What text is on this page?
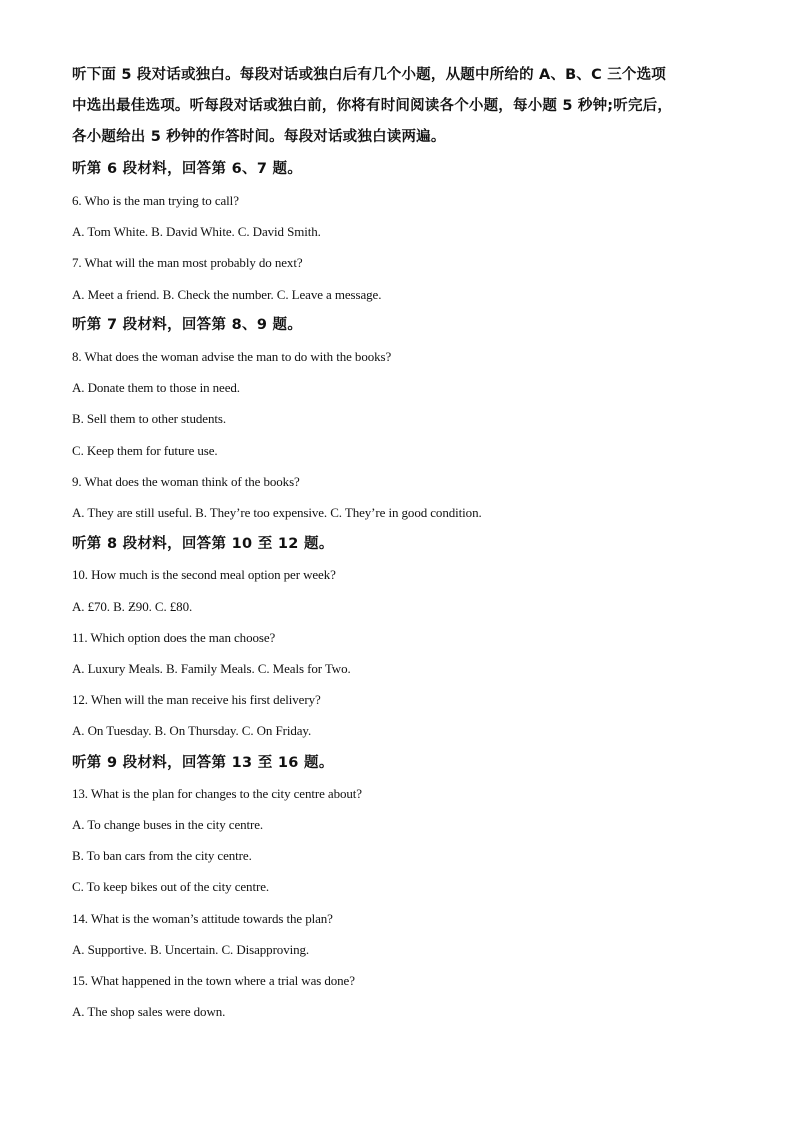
听下面 5 段对话或独白。每段对话或独白后有几个小题，从题中所给的 A、B、C 三个选项
中选出最佳选项。听每段对话或独白前，你将有时间阅读各个小题，每小题 5 秒钟;听完后，
各小题给出 5 秒钟的作答时间。每段对话或独白读两遍。
听第 6 段材料，回答第 6、7 题。
6. Who is the man trying to call?
A. Tom White. B. David White. C. David Smith.
7. What will the man most probably do next?
A. Meet a friend. B. Check the number. C. Leave a message.
听第 7 段材料，回答第 8、9 题。
8. What does the woman advise the man to do with the books?
A. Donate them to those in need.
B. Sell them to other students.
C. Keep them for future use.
9. What does the woman think of the books?
A. They are still useful. B. They’re too expensive. C. They’re in good condition.
听第 8 段材料，回答第 10 至 12 题。
10. How much is the second meal option per week?
A. £70. B. Ƶ90. C. £80.
11. Which option does the man choose?
A. Luxury Meals. B. Family Meals. C. Meals for Two.
12. When will the man receive his first delivery?
A. On Tuesday. B. On Thursday. C. On Friday.
听第 9 段材料，回答第 13 至 16 题。
13. What is the plan for changes to the city centre about?
A. To change buses in the city centre.
B. To ban cars from the city centre.
C. To keep bikes out of the city centre.
14. What is the woman’s attitude towards the plan?
A. Supportive. B. Uncertain. C. Disapproving.
15. What happened in the town where a trial was done?
A. The shop sales were down.
